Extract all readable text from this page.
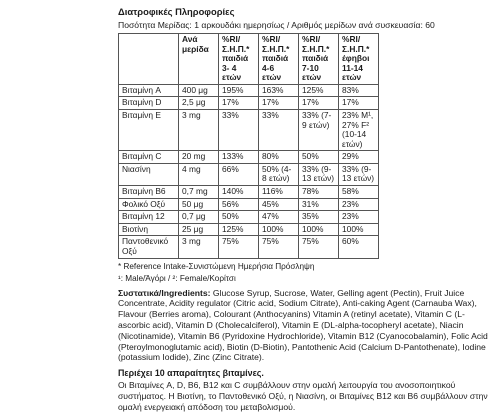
Διατροφικές Πληροφορίες
Ποσότητα Μερίδας: 1 αρκουδάκι ημερησίως / Αριθμός μερίδων ανά συσκευασία: 60
	Ανά μερίδα	%RI/ Σ.Η.Π.* παιδιά 3- 4 ετών	%RI/ Σ.Η.Π.* παιδιά 4-6 ετών	%RI/ Σ.Η.Π.* παιδιά 7-10 ετών	%RI/ Σ.Η.Π.* έφηβοι 11-14 ετών
Βιταμίνη A	400 μg	195%	163%	125%	83%
Βιταμίνη D	2,5 μg	17%	17%	17%	17%
Βιταμίνη E	3 mg	33%	33%	33% (7-9 ετών)	23% M¹, 27% F² (10-14 ετών)
Βιταμίνη C	20 mg	133%	80%	50%	29%
Νιασίνη	4 mg	66%	50% (4-8 ετών)	33% (9-13 ετών)	33% (9-13 ετών)
Βιταμίνη B6	0,7 mg	140%	116%	78%	58%
Φολικό Οξύ	50 μg	56%	45%	31%	23%
Βιταμίνη 12	0,7 μg	50%	47%	35%	23%
Βιοτίνη	25 μg	125%	100%	100%	100%
Παντοθενικό Οξύ	3 mg	75%	75%	75%	60%
* Reference Intake-Συνιστώμενη Ημερήσια Πρόσληψη
¹: Male/Άγόρι / ²: Female/Κορίτσι
Συστατικά/Ingredients: Glucose Syrup, Sucrose, Water, Gelling agent (Pectin), Fruit Juice Concentrate, Acidity regulator (Citric acid, Sodium Citrate), Anti-caking Agent (Carnauba Wax), Flavour (Berries aroma), Colourant (Anthocyanins) Vitamin A (retinyl acetate), Vitamin C (L-ascorbic acid), Vitamin D (Cholecalciferol), Vitamin E (DL-alpha-tocopheryl acetate), Niacin (Nicotinamide), Vitamin B6 (Pyridoxine Hydrochloride), Vitamin B12 (Cyanocobalamin), Folic Acid (Pteroylmonoglutamic acid), Biotin (D-Biotin), Pantothenic Acid (Calcium D-Pantothenate), Iodine (potassium Iodide), Zinc (Zinc Citrate).
Περιέχει 10 απαραίτητες βιταμίνες.
Οι Βιταμίνες A, D, B6, B12 και C συμβάλλουν στην ομαλή λειτουργία του ανοσοποιητικού συστήματος. Η Βιοτίνη, το Παντοθενικό Οξύ, η Νιασίνη, οι Βιταμίνες B12 και B6 συμβάλλουν στην ομαλή ενεργειακή απόδοση του μεταβολισμού.
